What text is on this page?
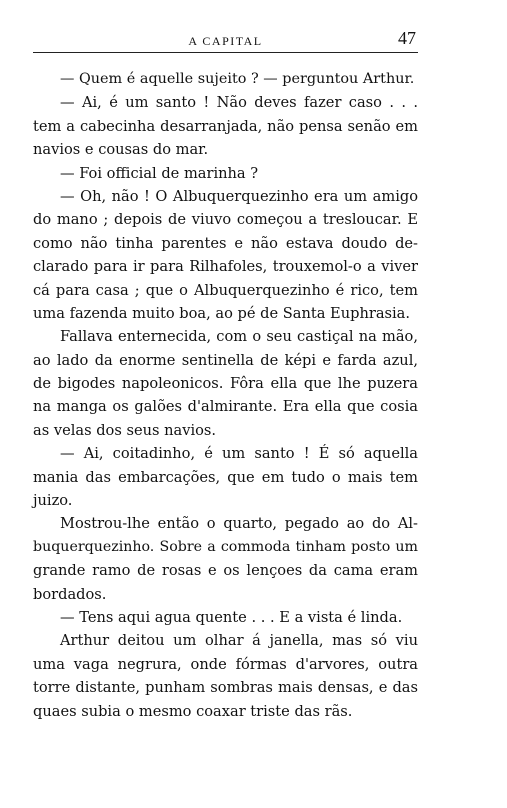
A CAPITAL	47
— Quem é aquelle sujeito ? — perguntou Arthur.
— Ai, é um santo ! Não deves fazer caso . . .
tem a cabecinha desarranjada, não pensa senão em
navios e cousas do mar.
— Foi official de marinha ?
— Oh, não ! O Albuquerquezinho era um amigo
do mano ; depois de viuvo começou a tresloucar. E
como não tinha parentes e não estava doudo de-
clarado para ir para Rilhafoles, trouxemol-o a viver
cá para casa ; que o Albuquerquezinho é rico, tem
uma fazenda muito boa, ao pé de Santa Euphrasia.
Fallava enternecida, com o seu castiçal na mão,
ao lado da enorme sentinella de képi e farda azul,
de bigodes napoleonicos. Fôra ella que lhe puzera
na manga os galões d'almirante. Era ella que cosia
as velas dos seus navios.
— Ai, coitadinho, é um santo ! É só aquella
mania das embarcações, que em tudo o mais tem
juizo.
Mostrou-lhe então o quarto, pegado ao do Al-
buquerquezinho. Sobre a commoda tinham posto um
grande ramo de rosas e os lençoes da cama eram
bordados.
— Tens aqui agua quente . . . E a vista é linda.
Arthur deitou um olhar á janella, mas só viu
uma vaga negrura, onde fórmas d'arvores, outra
torre distante, punham sombras mais densas, e das
quaes subia o mesmo coaxar triste das rãs.
